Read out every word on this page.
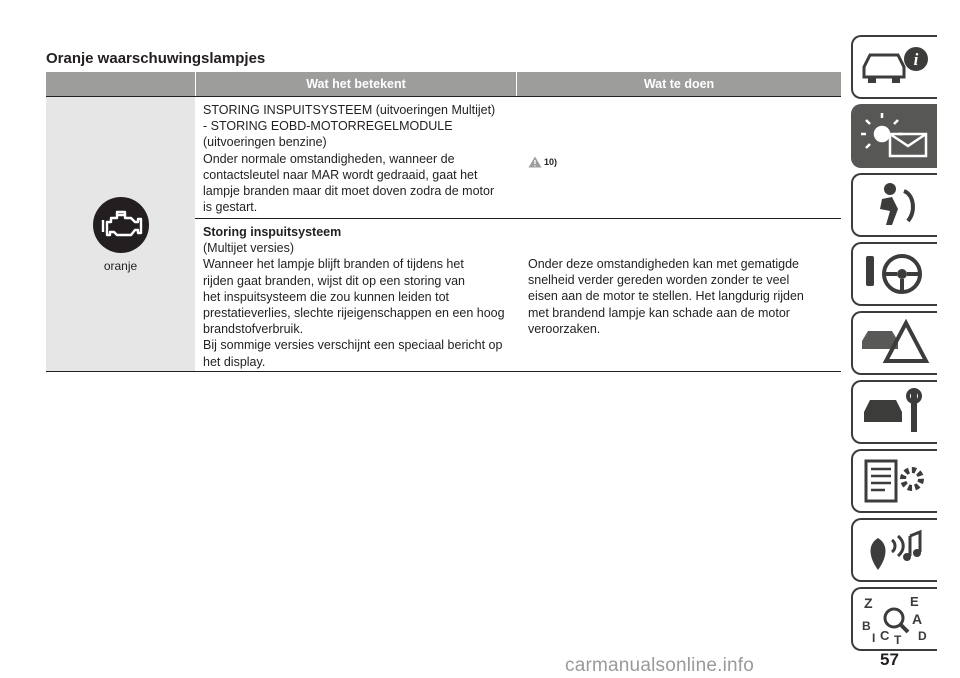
Oranje waarschuwingslampjes
Wat het betekent	Wat te doen
oranje
STORING INSPUITSYSTEEM (uitvoeringen Multijet)
- STORING EOBD-MOTORREGELMODULE
(uitvoeringen benzine)
Onder normale omstandigheden, wanneer de
contactsleutel naar MAR wordt gedraaid, gaat het
lampje branden maar dit moet doven zodra de motor
is gestart.
10)
Storing inspuitsysteem
(Multijet versies)
Wanneer het lampje blijft branden of tijdens het
rijden gaat branden, wijst dit op een storing van
het inspuitsysteem die zou kunnen leiden tot
prestatieverlies, slechte rijeigenschappen en een hoog
brandstofverbruik.
Bij sommige versies verschijnt een speciaal bericht op
het display.
Onder deze omstandigheden kan met gematigde
snelheid verder gereden worden zonder te veel
eisen aan de motor te stellen. Het langdurig rijden
met brandend lampje kan schade aan de motor
veroorzaken.
i
Z	E
A
B
C T D
I
57
carmanualsonline.info
